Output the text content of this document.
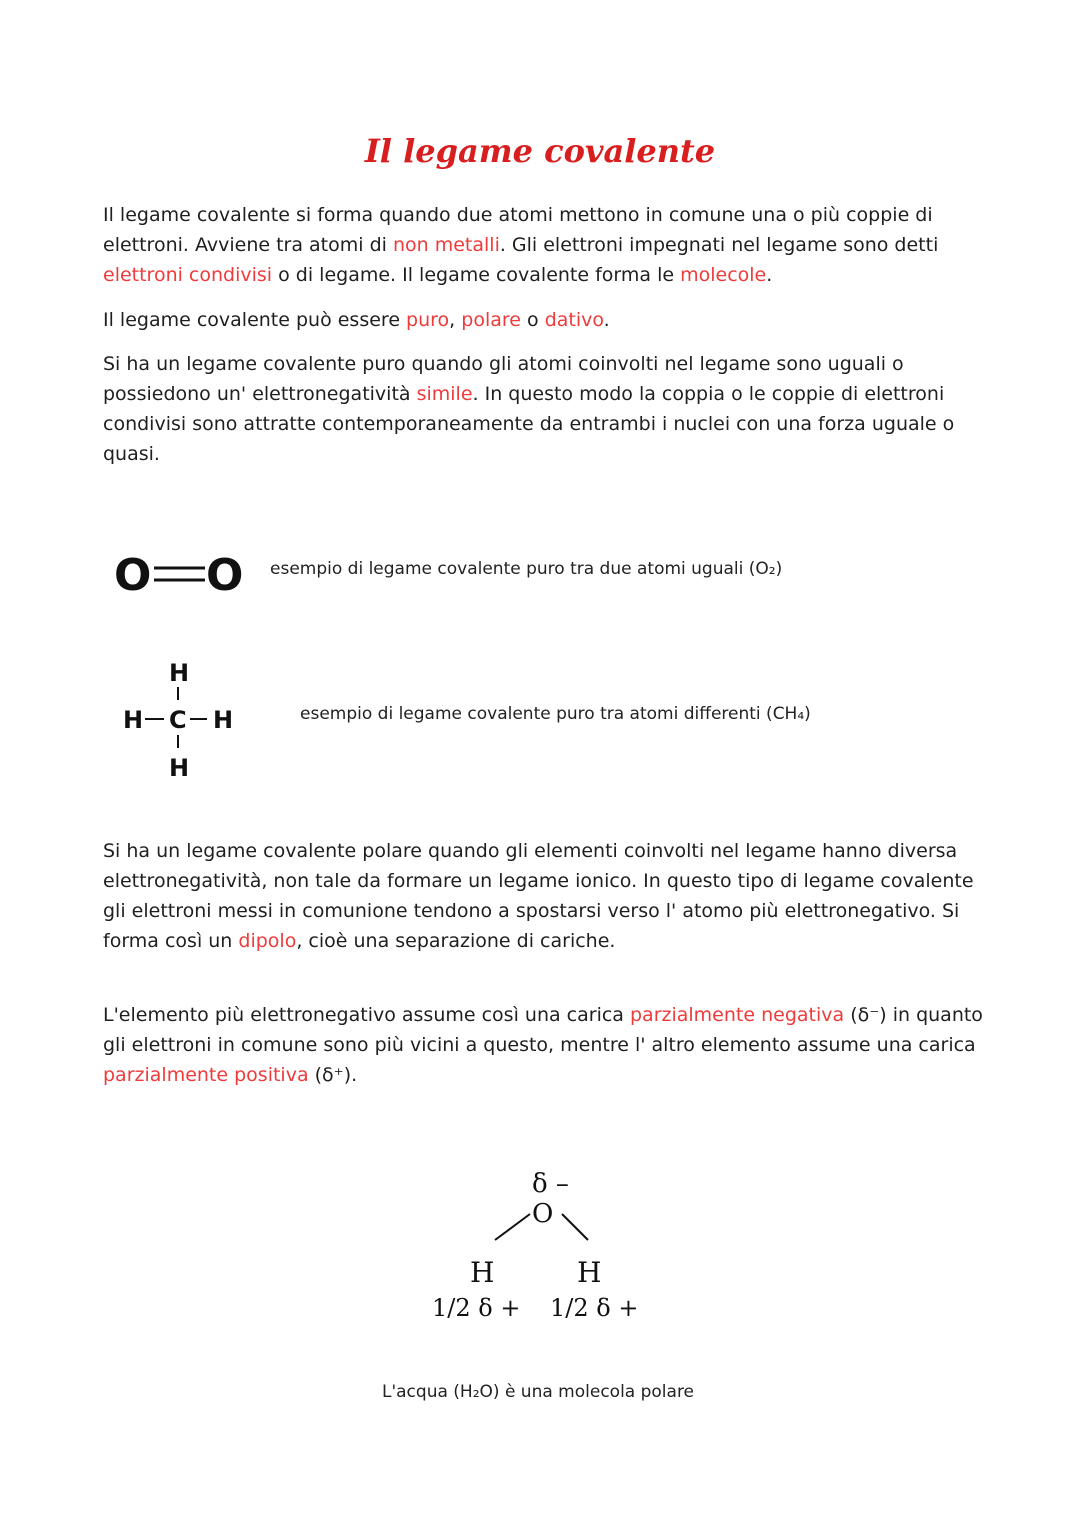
Il legame covalente

Il legame covalente si forma quando due atomi mettono in comune una o più coppie di elettroni. Avviene tra atomi di non metalli. Gli elettroni impegnati nel legame sono detti elettroni condivisi o di legame. Il legame covalente forma le molecole.

Il legame covalente può essere puro, polare o dativo.

Si ha un legame covalente puro quando gli atomi coinvolti nel legame sono uguali o possiedono un' elettronegatività simile. In questo modo la coppia o le coppie di elettroni condivisi sono attratte contemporaneamente da entrambi i nuclei con una forza uguale o quasi.

O O esempio di legame covalente puro tra due atomi uguali (O₂)
H
H C H
H
esempio di legame covalente puro tra atomi differenti (CH₄)

Si ha un legame covalente polare quando gli elementi coinvolti nel legame hanno diversa elettronegatività, non tale da formare un legame ionico. In questo tipo di legame covalente gli elettroni messi in comunione tendono a spostarsi verso l' atomo più elettronegativo. Si forma così un dipolo, cioè una separazione di cariche.

L'elemento più elettronegativo assume così una carica parzialmente negativa (δ⁻) in quanto gli elettroni in comune sono più vicini a questo, mentre l' altro elemento assume una carica parzialmente positiva (δ⁺).

δ –
O
H	H
1/2 δ + 1/2 δ +
L'acqua (H₂O) è una molecola polare
